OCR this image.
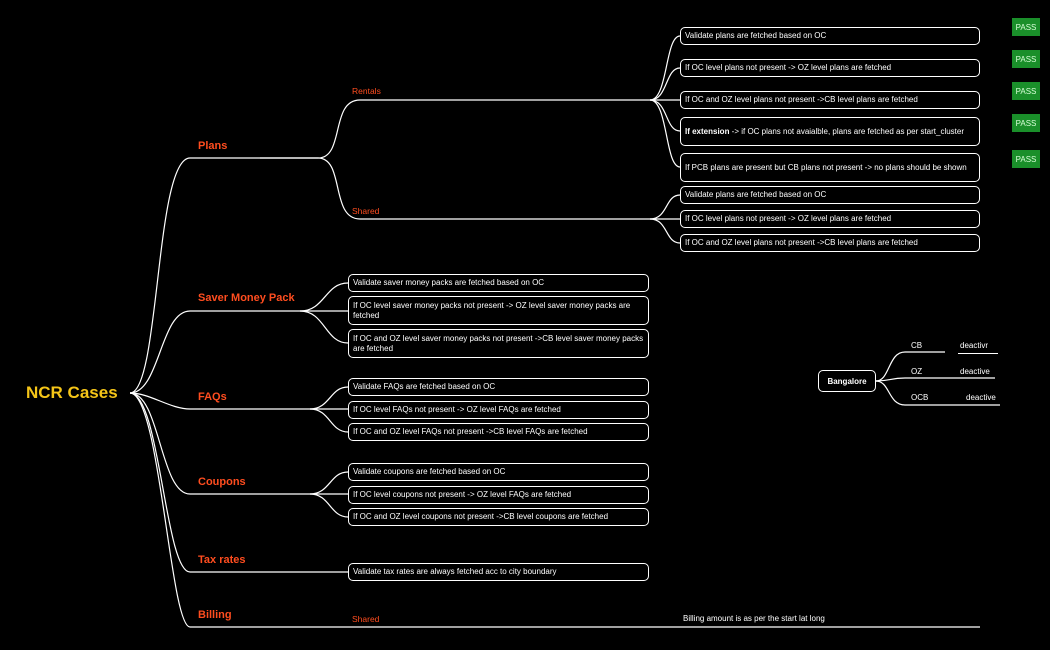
NCR Cases
Plans
Saver Money Pack
FAQs
Coupons
Tax rates
Billing
Rentals
Shared
Shared
Validate plans are fetched based on OC
If OC level plans not present -> OZ level plans are fetched
If OC and OZ level plans not present ->CB level plans are fetched
If extension -> if OC plans not avaialble, plans are fetched as per start_cluster
If PCB plans are present but CB plans not present -> no plans should be shown
PASS
PASS
PASS
PASS
PASS
Validate plans are fetched based on OC
If OC level plans not present -> OZ level plans are fetched
If OC and OZ level plans not present ->CB level plans are fetched
Validate saver money packs are fetched based on OC
If OC level saver money packs not present -> OZ level saver money packs are fetched
If OC and OZ level saver money packs not present ->CB level saver money packs are fetched
Validate FAQs are fetched based on OC
If OC level FAQs not present -> OZ level FAQs are fetched
If OC and OZ level FAQs not present ->CB level FAQs are fetched
Validate coupons are fetched based on OC
If OC level coupons not present -> OZ level FAQs are fetched
If OC and OZ level coupons not present ->CB level coupons are fetched
Validate tax rates are always fetched acc to city boundary
Billing amount is as per the start lat long
Bangalore
CB	deactivr
OZ	deactive
OCB	deactive
